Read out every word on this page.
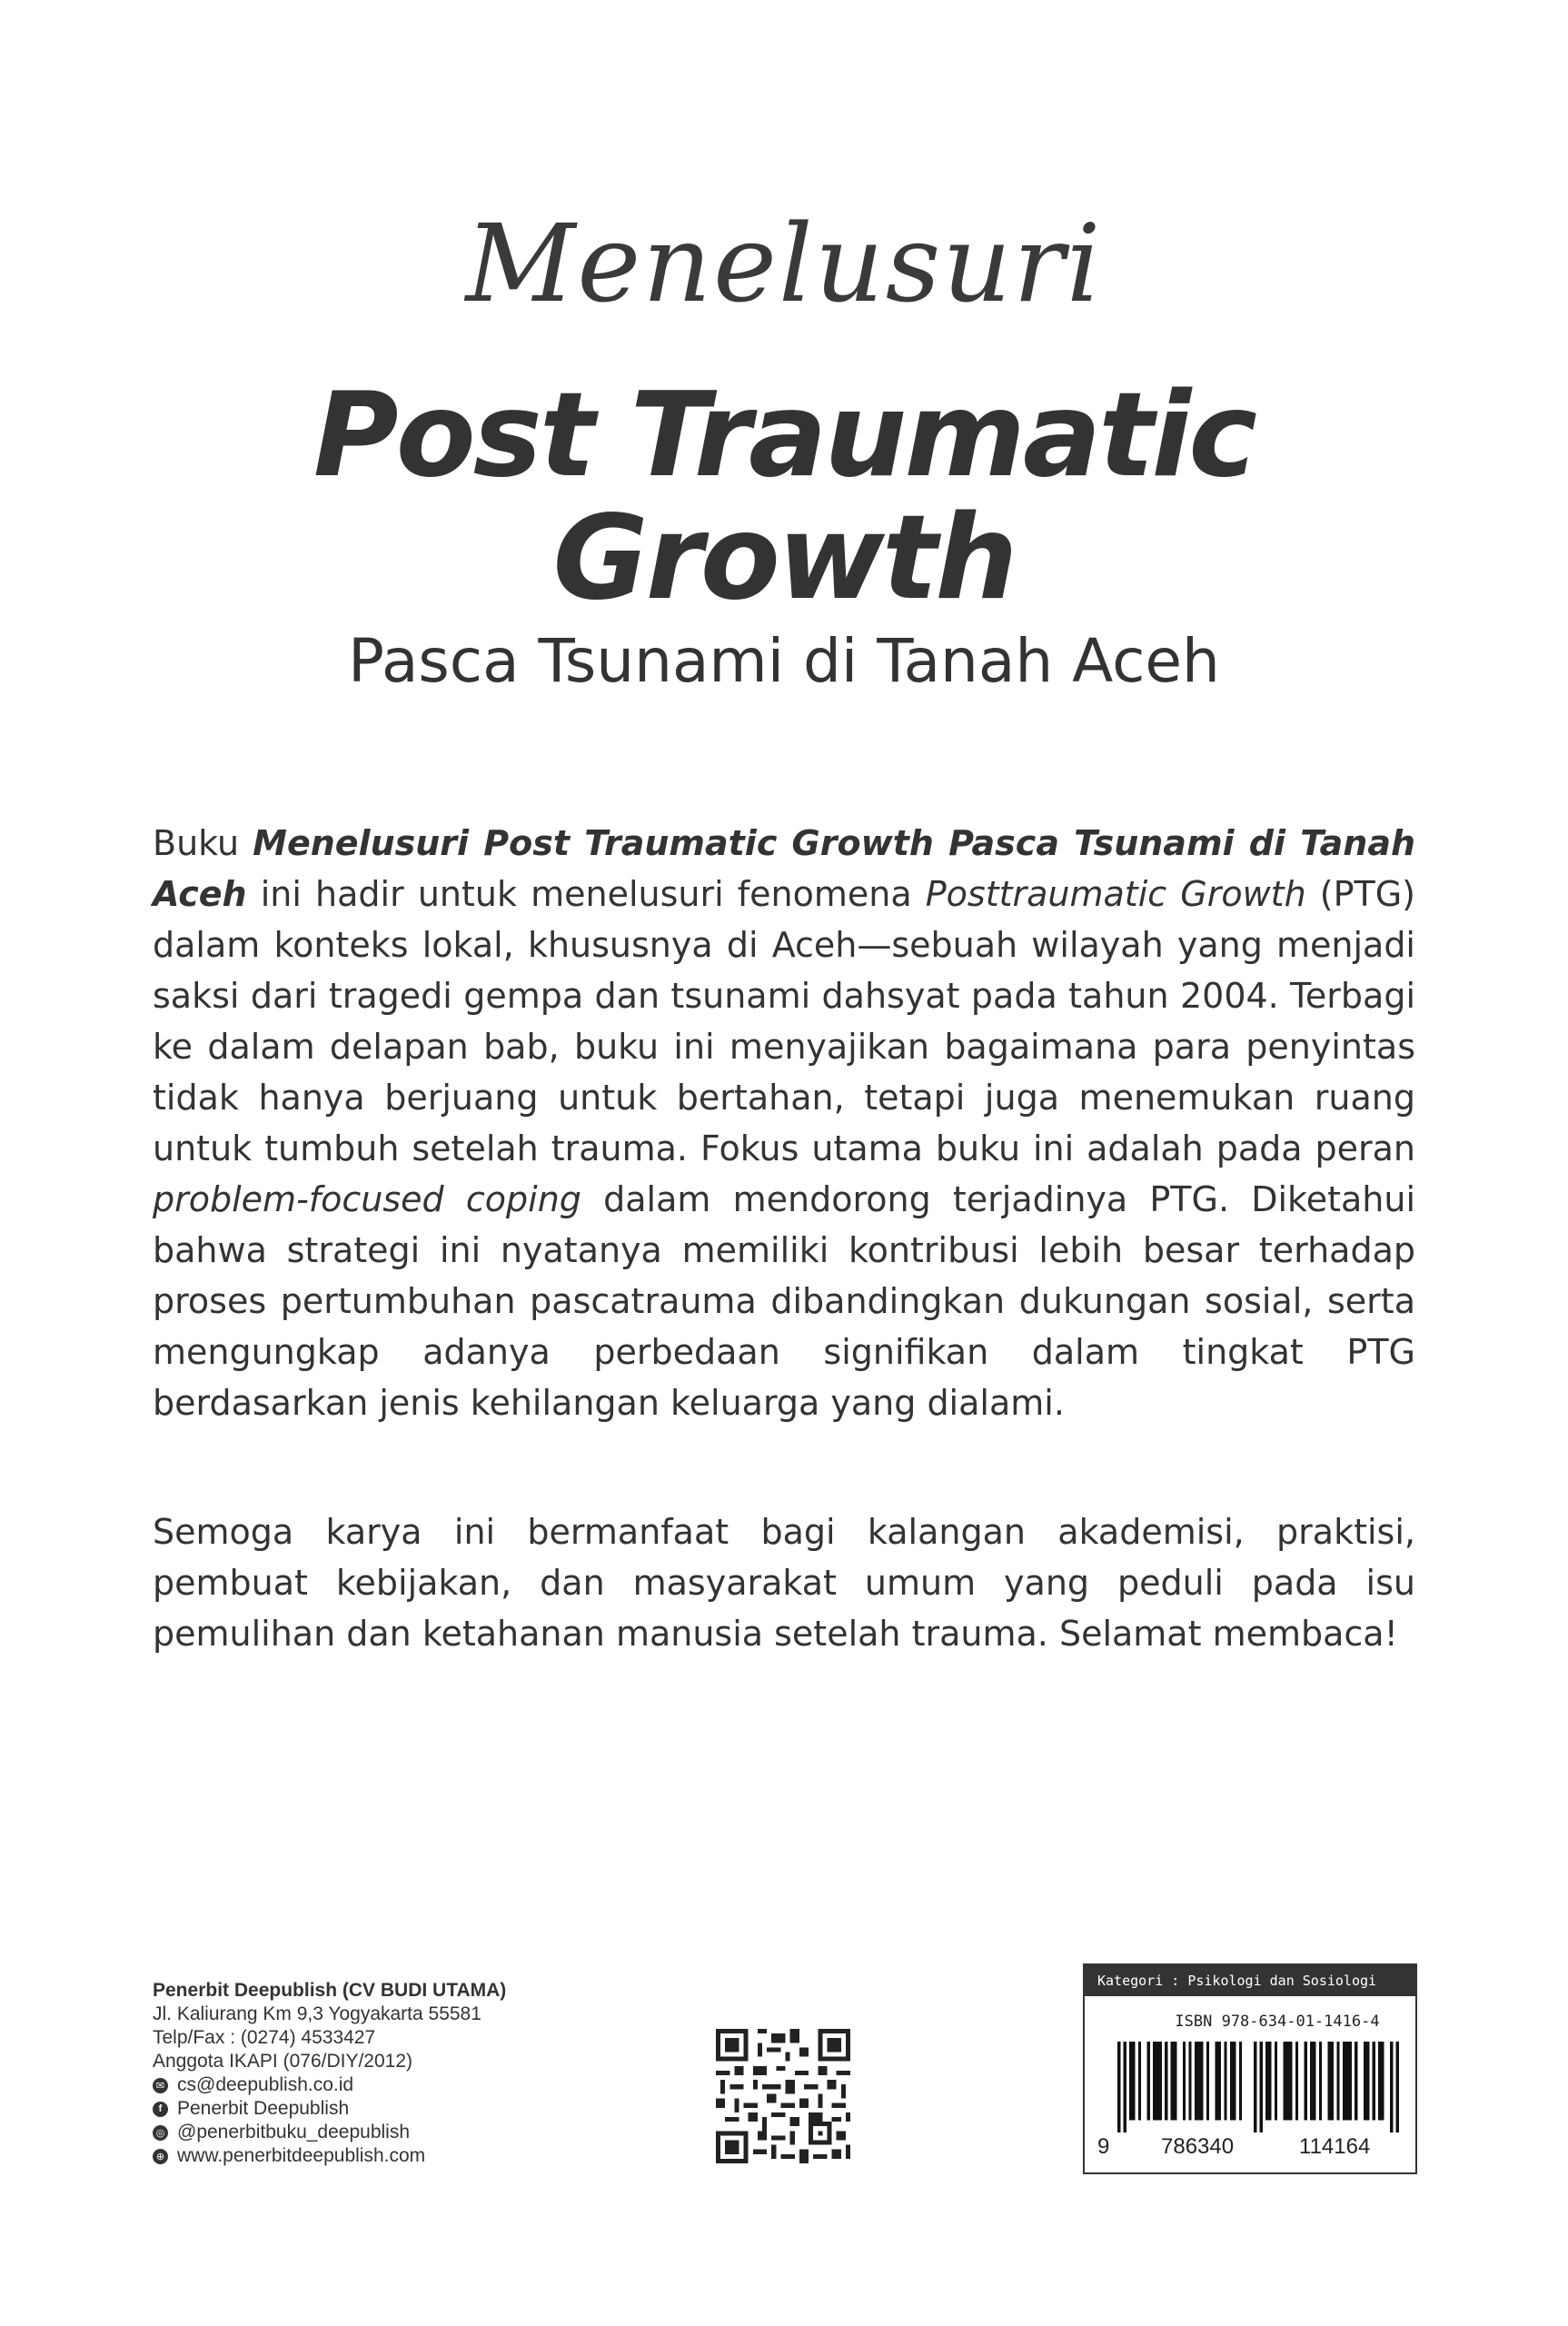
Menelusuri
Post Traumatic
Growth
Pasca Tsunami di Tanah Aceh

Buku Menelusuri Post Traumatic Growth Pasca Tsunami di Tanah Aceh ini hadir untuk menelusuri fenomena Posttraumatic Growth (PTG) dalam konteks lokal, khususnya di Aceh—sebuah wilayah yang menjadi saksi dari tragedi gempa dan tsunami dahsyat pada tahun 2004. Terbagi ke dalam delapan bab, buku ini menyajikan bagaimana para penyintas tidak hanya berjuang untuk bertahan, tetapi juga menemukan ruang untuk tumbuh setelah trauma. Fokus utama buku ini adalah pada peran problem-focused coping dalam mendorong terjadinya PTG. Diketahui bahwa strategi ini nyatanya memiliki kontribusi lebih besar terhadap proses pertumbuhan pascatrauma dibandingkan dukungan sosial, serta mengungkap adanya perbedaan signifikan dalam tingkat PTG berdasarkan jenis kehilangan keluarga yang dialami.

Semoga karya ini bermanfaat bagi kalangan akademisi, praktisi, pembuat kebijakan, dan masyarakat umum yang peduli pada isu pemulihan dan ketahanan manusia setelah trauma. Selamat membaca!

Penerbit Deepublish (CV BUDI UTAMA)
Jl. Kaliurang Km 9,3 Yogyakarta 55581
Telp/Fax : (0274) 4533427
Anggota IKAPI (076/DIY/2012)
✉ cs@deepublish.co.id
f Penerbit Deepublish
◎ @penerbitbuku_deepublish
⊕ www.penerbitdeepublish.com
Kategori : Psikologi dan Sosiologi
ISBN 978-634-01-1416-4
9 786340	114164
